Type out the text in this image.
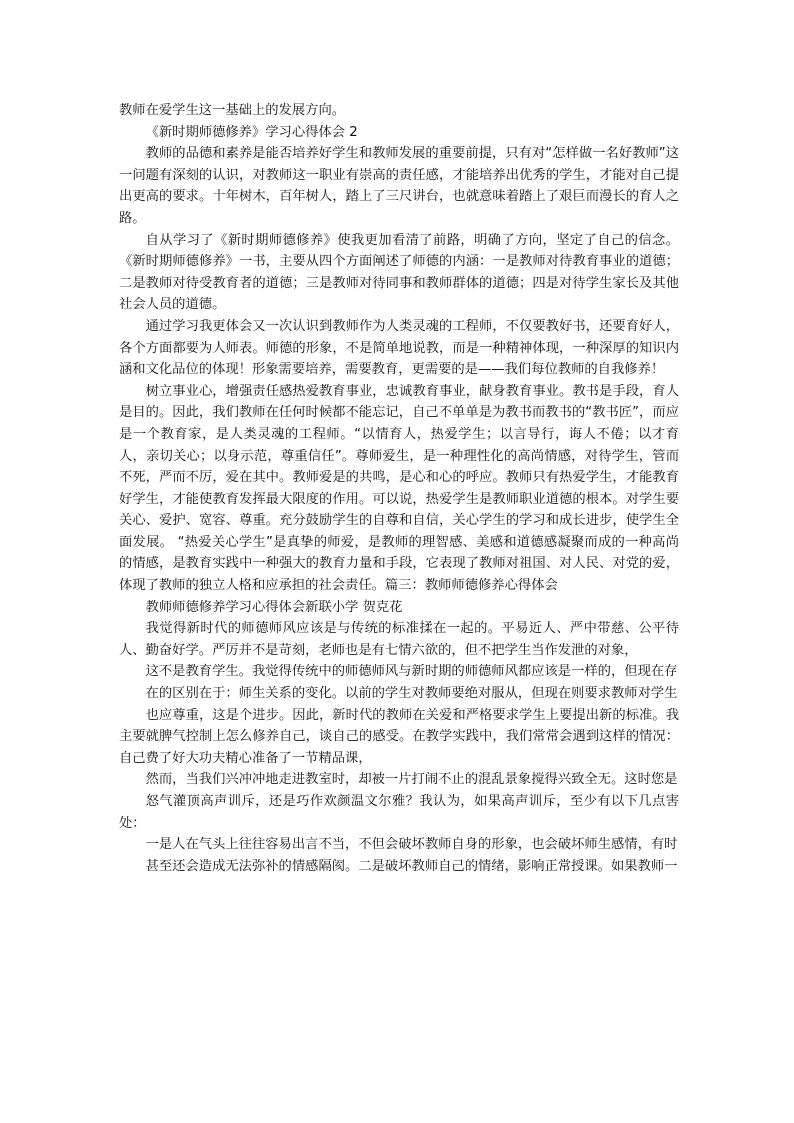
教师在爱学生这一基础上的发展方向。

《新时期师德修养》学习心得体会 2

教师的品德和素养是能否培养好学生和教师发展的重要前提，只有对“怎样做一名好教师”这一问题有深刻的认识，对教师这一职业有崇高的责任感，才能培养出优秀的学生，才能对自己提出更高的要求。十年树木，百年树人，踏上了三尺讲台，也就意味着踏上了艰巨而漫长的育人之路。

自从学习了《新时期师德修养》使我更加看清了前路，明确了方向，坚定了自己的信念。《新时期师德修养》一书，主要从四个方面阐述了师德的内涵：一是教师对待教育事业的道德；二是教师对待受教育者的道德；三是教师对待同事和教师群体的道德；四是对待学生家长及其他社会人员的道德。

通过学习我更体会又一次认识到教师作为人类灵魂的工程师，不仅要教好书，还要育好人，各个方面都要为人师表。师德的形象，不是简单地说教，而是一种精神体现，一种深厚的知识内涵和文化品位的体现！形象需要培养，需要教育，更需要的是——我们每位教师的自我修养！

树立事业心，增强责任感热爱教育事业，忠诚教育事业，献身教育事业。教书是手段，育人是目的。因此，我们教师在任何时候都不能忘记，自己不单单是为教书而教书的“教书匠”，而应是一个教育家，是人类灵魂的工程师。“以情育人，热爱学生；以言导行，诲人不倦；以才育人，亲切关心；以身示范，尊重信任”。尊师爱生，是一种理性化的高尚情感，对待学生，管而不死，严而不厉，爱在其中。教师爱是的共鸣，是心和心的呼应。教师只有热爱学生，才能教育好学生，才能使教育发挥最大限度的作用。可以说，热爱学生是教师职业道德的根本。对学生要关心、爱护、宽容、尊重。充分鼓励学生的自尊和自信，关心学生的学习和成长进步，使学生全面发展。 “热爱关心学生”是真挚的师爱，是教师的理智感、美感和道德感凝聚而成的一种高尚的情感，是教育实践中一种强大的教育力量和手段，它表现了教师对祖国、对人民、对党的爱，体现了教师的独立人格和应承担的社会责任。篇三：教师师德修养心得体会

教师师德修养学习心得体会新联小学 贺克花

我觉得新时代的师德师风应该是与传统的标准揉在一起的。平易近人、严中带慈、公平待人、勤奋好学。严厉并不是苛刻，老师也是有七情六欲的，但不把学生当作发泄的对象，

这不是教育学生。我觉得传统中的师德师风与新时期的师德师风都应该是一样的，但现在存

在的区别在于：师生关系的变化。以前的学生对教师要绝对服从，但现在则要求教师对学生

也应尊重，这是个进步。因此，新时代的教师在关爱和严格要求学生上要提出新的标准。我主要就脾气控制上怎么修养自己，谈自己的感受。在教学实践中，我们常常会遇到这样的情况：自己费了好大功夫精心准备了一节精品课，

然而，当我们兴冲冲地走进教室时，却被一片打闹不止的混乱景象搅得兴致全无。这时您是

怒气灌顶高声训斥，还是巧作欢颜温文尔雅？我认为，如果高声训斥，至少有以下几点害处：

一是人在气头上往往容易出言不当，不但会破坏教师自身的形象，也会破坏师生感情，有时

甚至还会造成无法弥补的情感隔阂。二是破坏教师自己的情绪，影响正常授课。如果教师一
